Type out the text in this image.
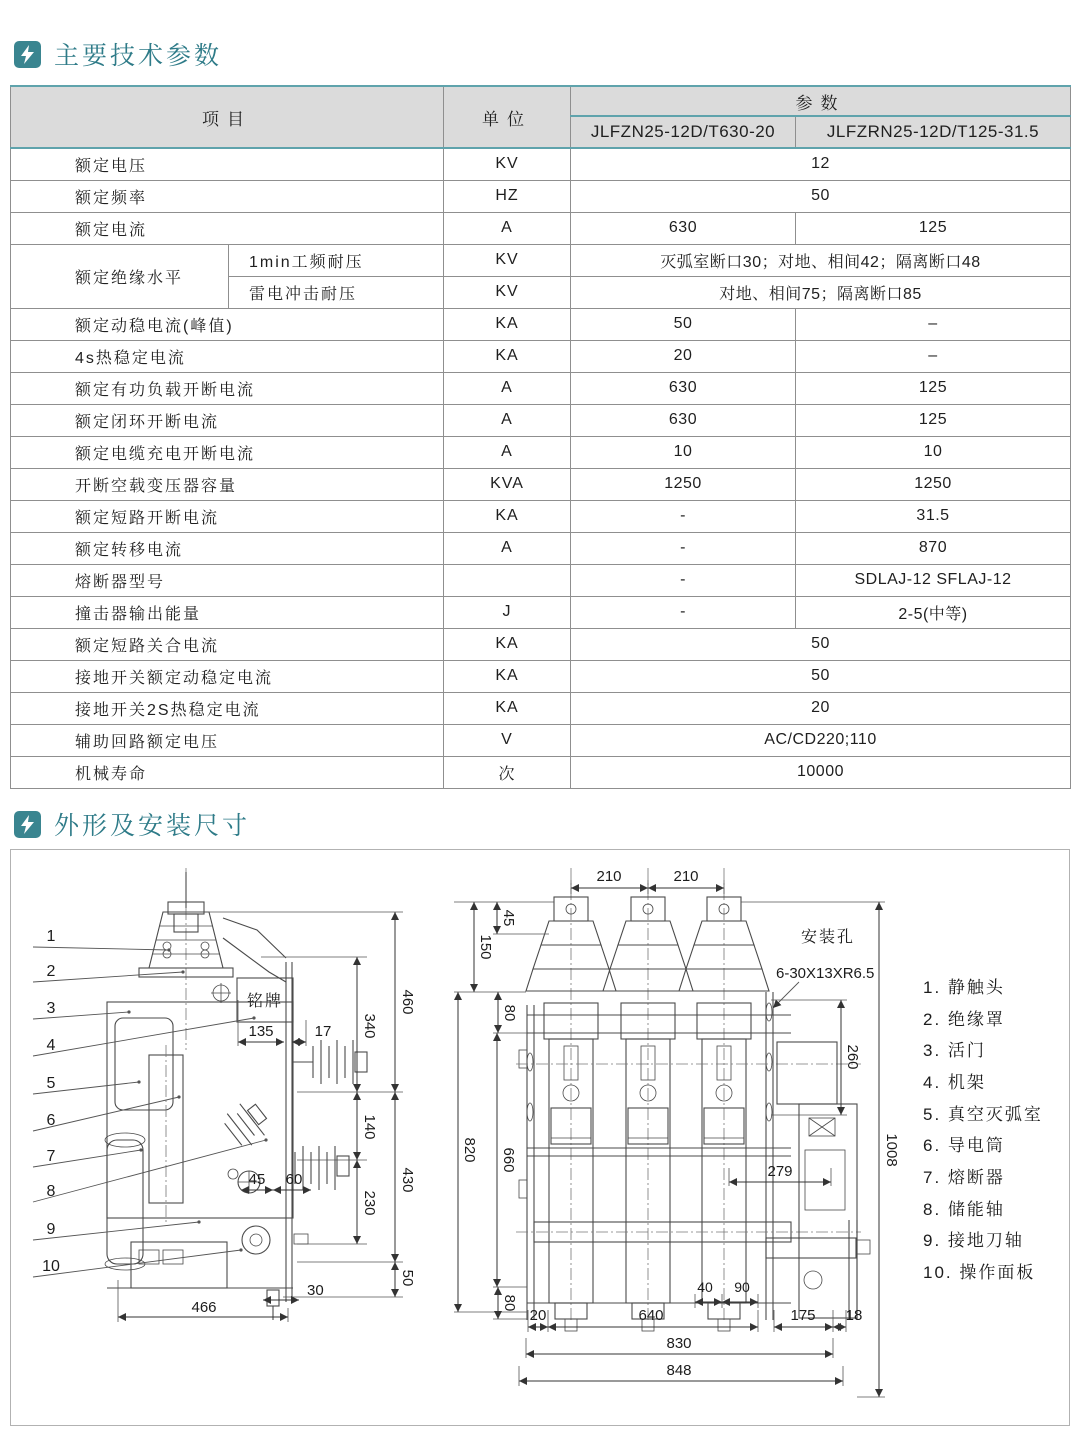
主要技术参数
项目		单位	参数	
			JLFZN25-12D/T630-20	JLFZRN25-12D/T125-31.5
额定电压		KV	12	
额定频率		HZ	50	
额定电流		A	630	125
额定绝缘水平	1min工频耐压	KV	灭弧室断口30；对地、相间42；隔离断口48	
	雷电冲击耐压	KV	对地、相间75；隔离断口85	
额定动稳电流(峰值)		KA	50	–
4s热稳定电流		KA	20	–
额定有功负载开断电流		A	630	125
额定闭环开断电流		A	630	125
额定电缆充电开断电流		A	10	10
开断空载变压器容量		KVA	1250	1250
额定短路开断电流		KA	-	31.5
额定转移电流		A	-	870
熔断器型号			-	SDLAJ-12 SFLAJ-12
撞击器输出能量		J	-	2-5(中等)
额定短路关合电流		KA	50	
接地开关额定动稳定电流		KA	50	
接地开关2S热稳定电流		KA	20	
辅助回路额定电压		V	AC/CD220;110	
机械寿命		次	10000	
外形及安装尺寸
铭牌
1
2
3
4
5
6
7
8
9
10
460
340
140
230
430
50
135	17
45 60
30
466
安装孔
6-30X13XR6.5
210	210
45
150
80
820 660
80
260
1008
279
40 90
20	640	175 18
830
848
1. 静触头
2. 绝缘罩
3. 活门
4. 机架
5. 真空灭弧室
6. 导电筒
7. 熔断器
8. 储能轴
9. 接地刀轴
10. 操作面板
